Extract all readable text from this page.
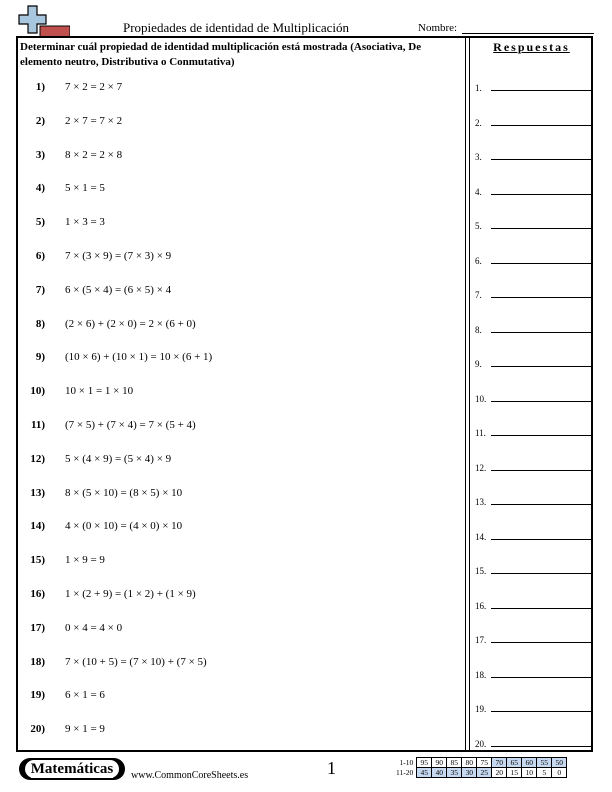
Propiedades de identidad de Multiplicación	Nombre:
Determinar cuál propiedad de identidad multiplicación está mostrada (Asociativa, De elemento neutro, Distributiva o Conmutativa)
Respuestas
1) 7 × 2 = 2 × 7
2) 2 × 7 = 7 × 2
3) 8 × 2 = 2 × 8
4) 5 × 1 = 5
5) 1 × 3 = 3
6) 7 × (3 × 9) = (7 × 3) × 9
7) 6 × (5 × 4) = (6 × 5) × 4
8) (2 × 6) + (2 × 0) = 2 × (6 + 0)
9) (10 × 6) + (10 × 1) = 10 × (6 + 1)
10) 10 × 1 = 1 × 10
11) (7 × 5) + (7 × 4) = 7 × (5 + 4)
12) 5 × (4 × 9) = (5 × 4) × 9
13) 8 × (5 × 10) = (8 × 5) × 10
14) 4 × (0 × 10) = (4 × 0) × 10
15) 1 × 9 = 9
16) 1 × (2 + 9) = (1 × 2) + (1 × 9)
17) 0 × 4 = 4 × 0
18) 7 × (10 + 5) = (7 × 10) + (7 × 5)
19) 6 × 1 = 6
20) 9 × 1 = 9
1.
2.
3.
4.
5.
6.
7.
8.
9.
10.
11.
12.
13.
14.
15.
16.
17.
18.
19.
20.
Matemáticas www.CommonCoreSheets.es	1	1-10	95	90	85	80	75	70	65	60	55	50
11-20	45	40	35	30	25	20	15	10	5	0
